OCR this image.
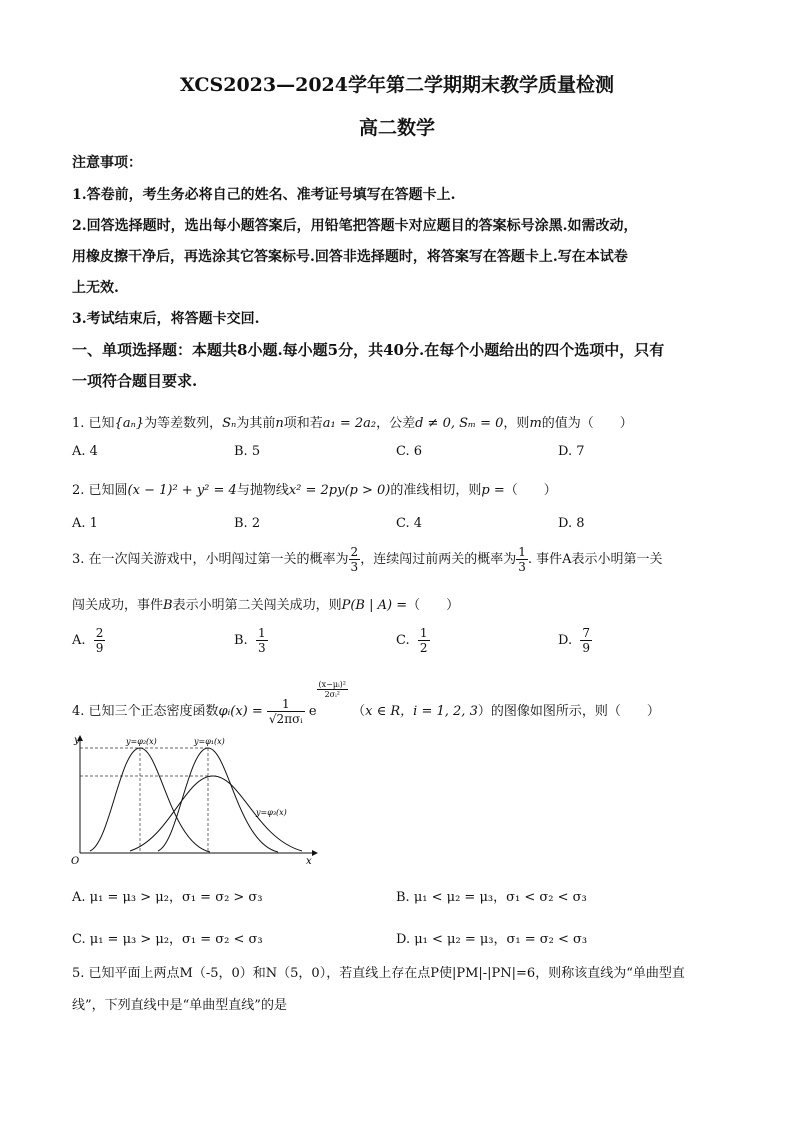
XCS2023—2024学年第二学期期末教学质量检测
高二数学
注意事项：
1.答卷前，考生务必将自己的姓名、准考证号填写在答题卡上.
2.回答选择题时，选出每小题答案后，用铅笔把答题卡对应题目的答案标号涂黑.如需改动，
用橡皮擦干净后，再选涂其它答案标号.回答非选择题时，将答案写在答题卡上.写在本试卷
上无效.
3.考试结束后，将答题卡交回.
一、单项选择题：本题共8小题.每小题5分，共40分.在每个小题给出的四个选项中，只有
一项符合题目要求.
1. 已知{aₙ}为等差数列，Sₙ为其前n项和若a₁ = 2a₂，公差d ≠ 0, Sₘ = 0，则m的值为（　　）
A. 4	B. 5	C. 6	D. 7
2. 已知圆(x − 1)² + y² = 4与抛物线x² = 2py(p > 0)的准线相切，则p =（　　）
A. 1	B. 2	C. 4	D. 8
3. 在一次闯关游戏中，小明闯过第一关的概率为 $\frac{2}{3}$ ，连续闯过前两关的概率为 $\frac{1}{3}$ . 事件A表示小明第一关
闯关成功，事件B表示小明第二关闯关成功，则P(B | A) =（　　）
A. $\frac{2}{9}$	B. $\frac{1}{3}$	C. $\frac{1}{2}$	D. $\frac{7}{9}$
4. 已知三个正态密度函数φᵢ(x) = $\frac{1}{\text{√2πσᵢ}}$ e
$\frac{\text{(x−μᵢ)²}}{\text{2σᵢ²}}$
（x ∈ R，i = 1, 2, 3）的图像如图所示，则（　　）
y
x
O
y=φ₂(x)	y=φ₁(x)
y=φ₃(x)
A. μ₁ = μ₃ > μ₂，σ₁ = σ₂ > σ₃	B. μ₁ < μ₂ = μ₃，σ₁ < σ₂ < σ₃
C. μ₁ = μ₃ > μ₂，σ₁ = σ₂ < σ₃	D. μ₁ < μ₂ = μ₃，σ₁ = σ₂ < σ₃
5. 已知平面上两点M（-5，0）和N（5，0），若直线上存在点P使|PM|-|PN|=6，则称该直线为“单曲型直
线”，下列直线中是“单曲型直线”的是
